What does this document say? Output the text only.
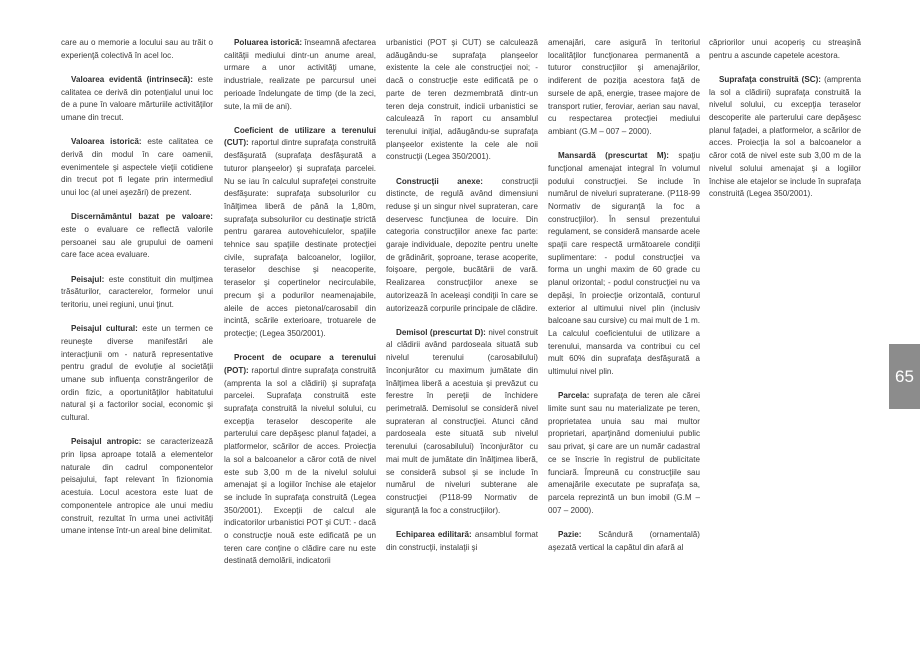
care au o memorie a locului sau au trăit o experienţă colectivă în acel loc.

Valoarea evidentă (intrinsecă): este calitatea ce derivă din potenţialul unui loc de a pune în valoare mărturiile activităţilor umane din trecut.

Valoarea istorică: este calitatea ce derivă din modul în care oamenii, evenimentele şi aspectele vieţii cotidiene din trecut pot fi legate prin intermediul unui loc (al unei aşezări) de prezent.

Discernământul bazat pe valoare: este o evaluare ce reflectă valorile persoanei sau ale grupului de oameni care face acea evaluare.

Peisajul: este constituit din mulţimea trăsăturilor, caracterelor, formelor unui teritoriu, unei regiuni, unui ţinut.

Peisajul cultural: este un termen ce reuneşte diverse manifestări ale interacţiunii om - natură representative pentru gradul de evoluţie al societăţii umane sub influenţa constrângerilor de ordin fizic, a oportunităţilor habitatului natural şi a factorilor social, economic şi cultural.

Peisajul antropic: se caracterizează prin lipsa aproape totală a elementelor naturale din cadrul componentelor peisajului, fapt relevant în fizionomia acestuia. Locul acestora este luat de componentele antropice ale unui mediu construit, rezultat în urma unei activităţi umane intense într-un areal bine delimitat.

Poluarea istorică: înseamnă afectarea calităţii mediului dintr-un anume areal, urmare a unor activităţi umane, industriale, realizate pe parcursul unei perioade îndelungate de timp (de la zeci, sute, la mii de ani).

Coeficient de utilizare a terenului (CUT): raportul dintre suprafaţa construită desfăşurată (suprafaţa desfăşurată a tuturor planşeelor) şi suprafaţa parcelei. Nu se iau în calculul suprafeţei construite desfăşurate: suprafaţa subsolurilor cu înălţimea liberă de până la 1,80m, suprafaţa subsolurilor cu destinaţie strictă pentru gararea autovehiculelor, spaţiile tehnice sau spaţiile destinate protecţiei civile, suprafaţa balcoanelor, logiilor, teraselor deschise şi neacoperite, teraselor şi copertinelor necirculabile, precum şi a podurilor neamenajabile, aleile de acces pietonal/carosabil din incintă, scările exterioare, trotuarele de protecţie; (Legea 350/2001).

Procent de ocupare a terenului (POT): raportul dintre suprafaţa construită (amprenta la sol a clădirii) şi suprafaţa parcelei. Suprafaţa construită este suprafaţa construită la nivelul solului, cu excepţia teraselor descoperite ale parterului care depăşesc planul faţadei, a platformelor, scărilor de acces. Proiecţia la sol a balcoanelor a căror cotă de nivel este sub 3,00 m de la nivelul solului amenajat şi a logiilor închise ale etajelor se include în suprafaţa construită (Legea 350/2001). Excepţii de calcul ale indicatorilor urbanistici POT şi CUT: - dacă o construcţie nouă este edificată pe un teren care conţine o clădire care nu este destinată demolării, indicatorii

urbanistici (POT şi CUT) se calculează adăugându-se suprafaţa planşeelor existente la cele ale construcţiei noi; - dacă o construcţie este edificată pe o parte de teren dezmembrată dintr-un teren deja construit, indicii urbanistici se calculează în raport cu ansamblul terenului iniţial, adăugându-se suprafaţa planşeelor existente la cele ale noii construcţii (Legea 350/2001).

Construcţii anexe: construcţii distincte, de regulă având dimensiuni reduse şi un singur nivel suprateran, care deservesc funcţiunea de locuire. Din categoria construcţiilor anexe fac parte: garaje individuale, depozite pentru unelte de grădinărit, şoproane, terase acoperite, foişoare, pergole, bucătării de vară. Realizarea construcţiilor anexe se autorizează în aceleaşi condiţii în care se autorizează corpurile principale de clădire.

Demisol (prescurtat D): nivel construit al clădirii având pardoseala situată sub nivelul terenului (carosabilului) înconjurător cu maximum jumătate din înălţimea liberă a acestuia şi prevăzut cu ferestre în pereţii de închidere perimetrală. Demisolul se consideră nivel suprateran al construcţiei. Atunci când pardoseala este situată sub nivelul terenului (carosabilului) înconjurător cu mai mult de jumătate din înălţimea liberă, se consideră subsol şi se include în numărul de niveluri subterane ale construcţiei (P118-99 Normativ de siguranţă la foc a construcţiilor).

Echiparea edilitară: ansamblul format din construcţii, instalaţii şi

amenajări, care asigură în teritoriul localităţilor funcţionarea permanentă a tuturor construcţiilor şi amenajărilor, indiferent de poziţia acestora faţă de sursele de apă, energie, trasee majore de transport rutier, feroviar, aerian sau naval, cu respectarea protecţiei mediului ambiant (G.M – 007 – 2000).

Mansardă (prescurtat M): spaţiu funcţional amenajat integral în volumul podului construcţiei. Se include în numărul de niveluri supraterane. (P118-99 Normativ de siguranţă la foc a construcţiilor). În sensul prezentului regulament, se consideră mansarde acele spaţii care respectă următoarele condiţii suplimentare: - podul construcţiei va forma un unghi maxim de 60 grade cu planul orizontal; - podul construcţiei nu va depăşi, în proiecţie orizontală, conturul exterior al ultimului nivel plin (inclusiv balcoane sau cursive) cu mai mult de 1 m. La calculul coeficientului de utilizare a terenului, mansarda va contribui cu cel mult 60% din suprafaţa desfăşurată a ultimului nivel plin.

Parcela: suprafaţa de teren ale cărei limite sunt sau nu materializate pe teren, proprietatea unuia sau mai multor proprietari, aparţinând domeniului public sau privat, şi care are un număr cadastral ce se înscrie în registrul de publicitate funciară. Împreună cu construcţiile sau amenajările executate pe suprafaţa sa, parcela reprezintă un bun imobil (G.M – 007 – 2000).

Pazie: Scândură (ornamentală) aşezată vertical la capătul din afară al

căpriorilor unui acoperiş cu streaşină pentru a ascunde capetele acestora.

Suprafaţa construită (SC): (amprenta la sol a clădirii) suprafaţa construită la nivelul solului, cu excepţia teraselor descoperite ale parterului care depăşesc planul faţadei, a platformelor, a scărilor de acces. Proiecţia la sol a balcoanelor a căror cotă de nivel este sub 3,00 m de la nivelul solului amenajat şi a logiilor închise ale etajelor se include în suprafaţa construită (Legea 350/2001).

65
